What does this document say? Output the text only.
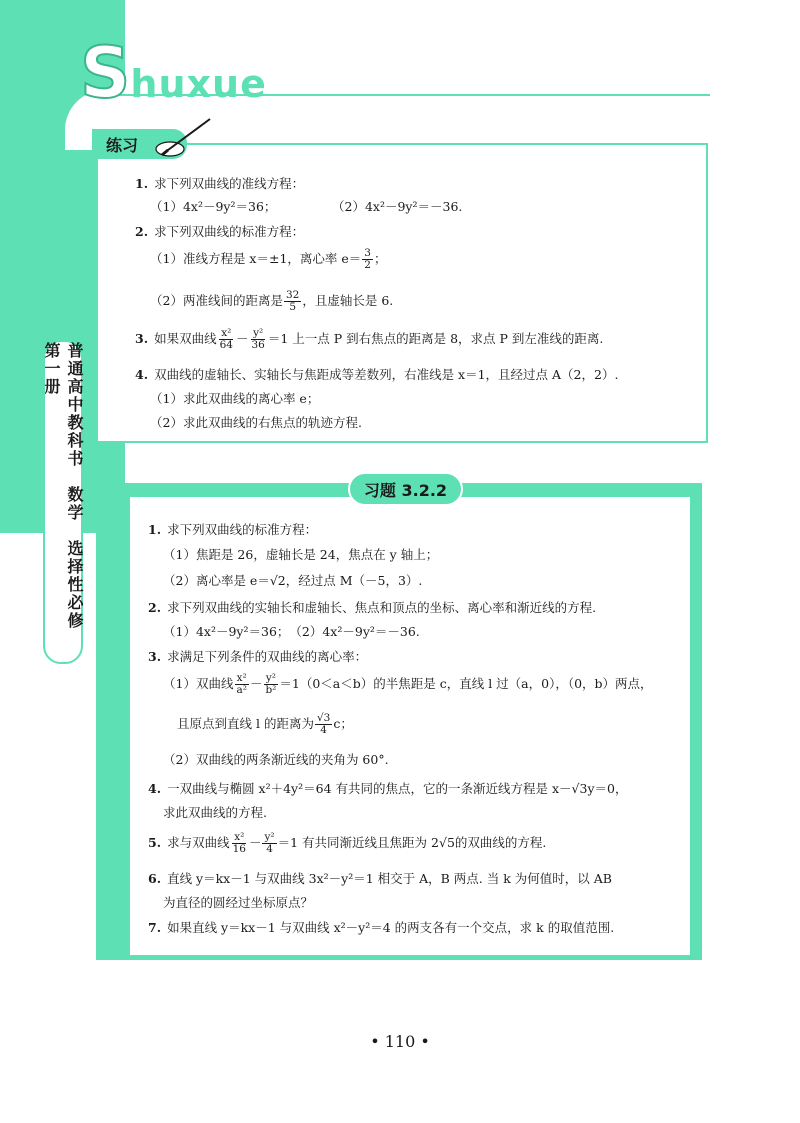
Shuxue
普通高中教科书　数学　选择性必修　第一册
练习
1. 求下列双曲线的准线方程：
（1）4x²－9y²＝36；	（2）4x²－9y²＝－36.
2. 求下列双曲线的标准方程：
（1）准线方程是 x＝±1，离心率 $e= \frac{3}{2}$ ；
（2）两准线间的距离是 $\frac{32}{5}$ ，且虚轴长是 6.
3. 如果双曲线 $\frac{\text{x²}}{64} - \frac{\text{y²}}{36} =1$ 上一点 P 到右焦点的距离是 8，求点 P 到左准线的距离.
4. 双曲线的虚轴长、实轴长与焦距成等差数列，右准线是 x＝1，且经过点 A（2，2）.
（1）求此双曲线的离心率 e；
（2）求此双曲线的右焦点的轨迹方程.
习题 3.2.2
1. 求下列双曲线的标准方程：
（1）焦距是 26，虚轴长是 24，焦点在 y 轴上；
（2）离心率是 e＝√2，经过点 M（－5，3）.
2. 求下列双曲线的实轴长和虚轴长、焦点和顶点的坐标、离心率和渐近线的方程.
（1）4x²－9y²＝36；　（2）4x²－9y²＝－36.
3. 求满足下列条件的双曲线的离心率：
（1）双曲线 $\frac{\text{x²}}{\text{a²}} - \frac{\text{y²}}{\text{b²}} =1(0<a<b)$的半焦距是 c，直线 l 过（a，0），（0，b）两点，
且原点到直线 l 的距离为 $\frac{√3}{4}$ c；
（2）双曲线的两条渐近线的夹角为 60°.
4. 一双曲线与椭圆 x²＋4y²＝64 有共同的焦点，它的一条渐近线方程是 x－√3y＝0，
求此双曲线的方程.
5. 求与双曲线 $\frac{\text{x²}}{16} - \frac{\text{y²}}{4} =1$ 有共同渐近线且焦距为 2√5的双曲线的方程.
6. 直线 y＝kx－1 与双曲线 3x²－y²＝1 相交于 A，B 两点. 当 k 为何值时，以 AB
为直径的圆经过坐标原点？
7. 如果直线 y＝kx－1 与双曲线 x²－y²＝4 的两支各有一个交点，求 k 的取值范围.
• 110 •
